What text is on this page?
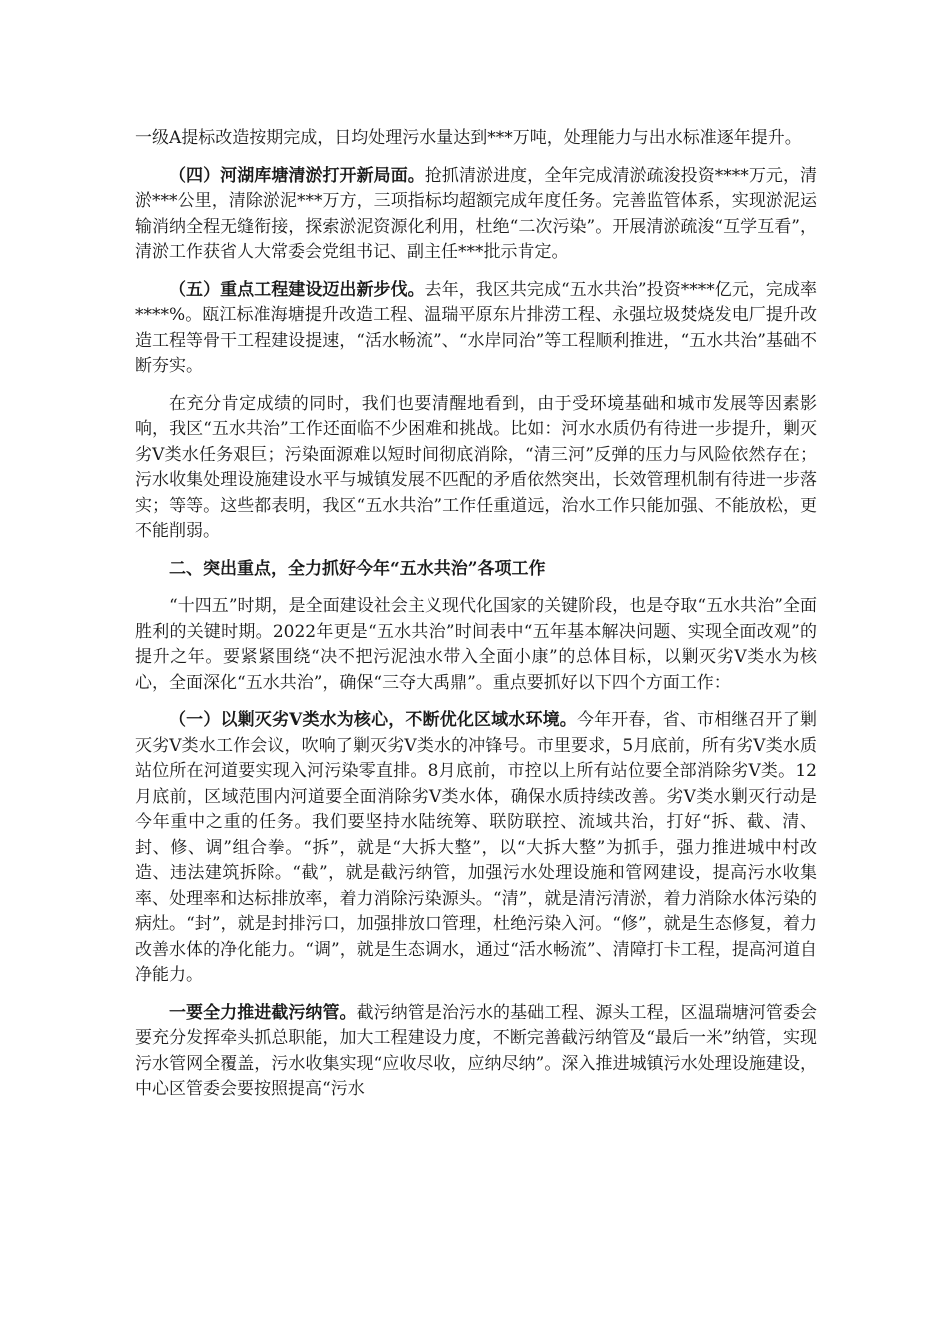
一级A提标改造按期完成，日均处理污水量达到***万吨，处理能力与出水标准逐年提升。

（四）河湖库塘清淤打开新局面。抢抓清淤进度，全年完成清淤疏浚投资****万元，清淤***公里，清除淤泥***万方，三项指标均超额完成年度任务。完善监管体系，实现淤泥运输消纳全程无缝衔接，探索淤泥资源化利用，杜绝“二次污染”。开展清淤疏浚“互学互看”，清淤工作获省人大常委会党组书记、副主任***批示肯定。

（五）重点工程建设迈出新步伐。去年，我区共完成“五水共治”投资****亿元，完成率****%。瓯江标准海塘提升改造工程、温瑞平原东片排涝工程、永强垃圾焚烧发电厂提升改造工程等骨干工程建设提速，“活水畅流”、“水岸同治”等工程顺利推进，“五水共治”基础不断夯实。

在充分肯定成绩的同时，我们也要清醒地看到，由于受环境基础和城市发展等因素影响，我区“五水共治”工作还面临不少困难和挑战。比如：河水水质仍有待进一步提升，剿灭劣Ⅴ类水任务艰巨；污染面源难以短时间彻底消除，“清三河”反弹的压力与风险依然存在；污水收集处理设施建设水平与城镇发展不匹配的矛盾依然突出，长效管理机制有待进一步落实；等等。这些都表明，我区“五水共治”工作任重道远，治水工作只能加强、不能放松，更不能削弱。

二、突出重点，全力抓好今年“五水共治”各项工作

“十四五”时期，是全面建设社会主义现代化国家的关键阶段，也是夺取“五水共治”全面胜利的关键时期。2022年更是“五水共治”时间表中“五年基本解决问题、实现全面改观”的提升之年。要紧紧围绕“决不把污泥浊水带入全面小康”的总体目标，以剿灭劣Ⅴ类水为核心，全面深化“五水共治”，确保“三夺大禹鼎”。重点要抓好以下四个方面工作：

（一）以剿灭劣Ⅴ类水为核心，不断优化区域水环境。今年开春，省、市相继召开了剿灭劣Ⅴ类水工作会议，吹响了剿灭劣Ⅴ类水的冲锋号。市里要求，5月底前，所有劣Ⅴ类水质站位所在河道要实现入河污染零直排。8月底前，市控以上所有站位要全部消除劣Ⅴ类。12月底前，区域范围内河道要全面消除劣Ⅴ类水体，确保水质持续改善。劣Ⅴ类水剿灭行动是今年重中之重的任务。我们要坚持水陆统筹、联防联控、流域共治，打好“拆、截、清、封、修、调”组合拳。“拆”，就是“大拆大整”，以“大拆大整”为抓手，强力推进城中村改造、违法建筑拆除。“截”，就是截污纳管，加强污水处理设施和管网建设，提高污水收集率、处理率和达标排放率，着力消除污染源头。“清”，就是清污清淤，着力消除水体污染的病灶。“封”，就是封排污口，加强排放口管理，杜绝污染入河。“修”，就是生态修复，着力改善水体的净化能力。“调”，就是生态调水，通过“活水畅流”、清障打卡工程，提高河道自净能力。

一要全力推进截污纳管。截污纳管是治污水的基础工程、源头工程，区温瑞塘河管委会要充分发挥牵头抓总职能，加大工程建设力度，不断完善截污纳管及“最后一米”纳管，实现污水管网全覆盖，污水收集实现“应收尽收，应纳尽纳”。深入推进城镇污水处理设施建设，中心区管委会要按照提高“污水
